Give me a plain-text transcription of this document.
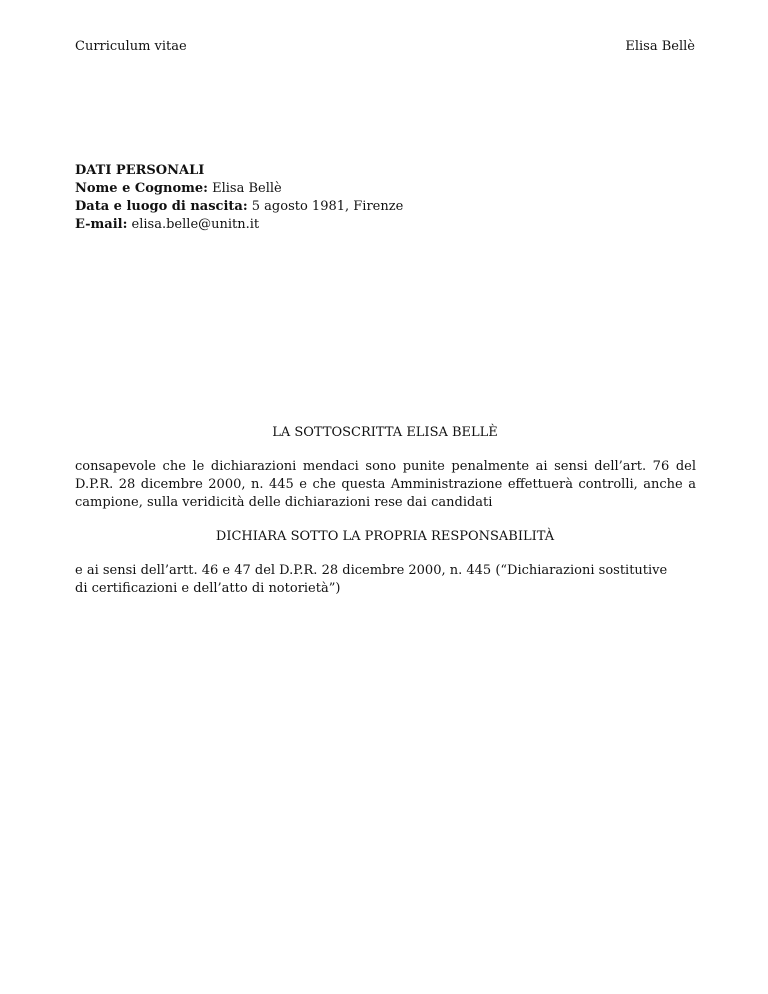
Curriculum vitae	Elisa Bellè
DATI PERSONALI
Nome e Cognome: Elisa Bellè
Data e luogo di nascita: 5 agosto 1981, Firenze
E-mail: elisa.belle@unitn.it
LA SOTTOSCRITTA ELISA BELLÈ
consapevole che le dichiarazioni mendaci sono punite penalmente ai sensi dell’art. 76 del D.P.R. 28 dicembre 2000, n. 445 e che questa Amministrazione effettuerà controlli, anche a campione, sulla veridicità delle dichiarazioni rese dai candidati
DICHIARA SOTTO LA PROPRIA RESPONSABILITÀ
e ai sensi dell’artt. 46 e 47 del D.P.R. 28 dicembre 2000, n. 445 (“Dichiarazioni sostitutive di certificazioni e dell’atto di notorietà”)
